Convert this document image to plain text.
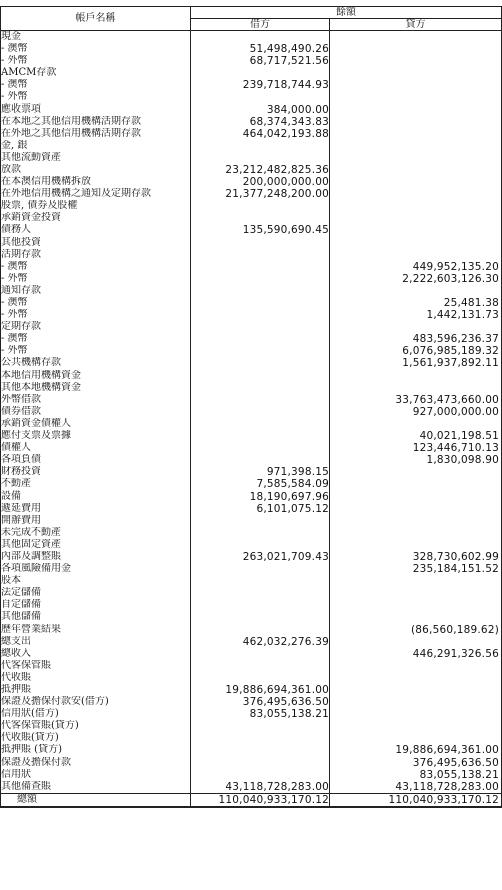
帳戶名稱	餘額	
	借方	貸方
現金		
- 澳幣	51,498,490.26	
- 外幣	68,717,521.56	
AMCM存款		
- 澳幣	239,718,744.93	
- 外幣		
應收票項	384,000.00	
在本地之其他信用機構活期存款	68,374,343.83	
在外地之其他信用機構活期存款	464,042,193.88	
金, 銀		
其他流動資產		
放款	23,212,482,825.36	
在本澳信用機構拆放	200,000,000.00	
在外地信用機構之通知及定期存款	21,377,248,200.00	
股票, 債券及股權		
承銷資金投資		
債務人	135,590,690.45	
其他投資		
活期存款		
- 澳幣		449,952,135.20
- 外幣		2,222,603,126.30
通知存款		
- 澳幣		25,481.38
- 外幣		1,442,131.73
定期存款		
- 澳幣		483,596,236.37
- 外幣		6,076,985,189.32
公共機構存款		1,561,937,892.11
本地信用機構資金		
其他本地機構資金		
外幣借款		33,763,473,660.00
債券借款		927,000,000.00
承銷資金債權人		
應付支票及票據		40,021,198.51
債權人		123,446,710.13
各項負債		1,830,098.90
財務投資	971,398.15	
不動產	7,585,584.09	
設備	18,190,697.96	
遞延費用	6,101,075.12	
開辦費用		
未完成不動產		
其他固定資產		
內部及調整賬	263,021,709.43	328,730,602.99
各項風險備用金		235,184,151.52
股本		
法定儲備		
自定儲備		
其他儲備		
歷年營業結果		(86,560,189.62)
總支出	462,032,276.39	
總收入		446,291,326.56
代客保管賬		
代收賬		
抵押賬	19,886,694,361.00	
保證及擔保付款安(借方)	376,495,636.50	
信用狀(借方)	83,055,138.21	
代客保管賬(貸方)		
代收賬(貸方)		
抵押賬 (貸方)		19,886,694,361.00
保證及擔保付款		376,495,636.50
信用狀		83,055,138.21
其他備查賬	43,118,728,283.00	43,118,728,283.00
總額	110,040,933,170.12	110,040,933,170.12
